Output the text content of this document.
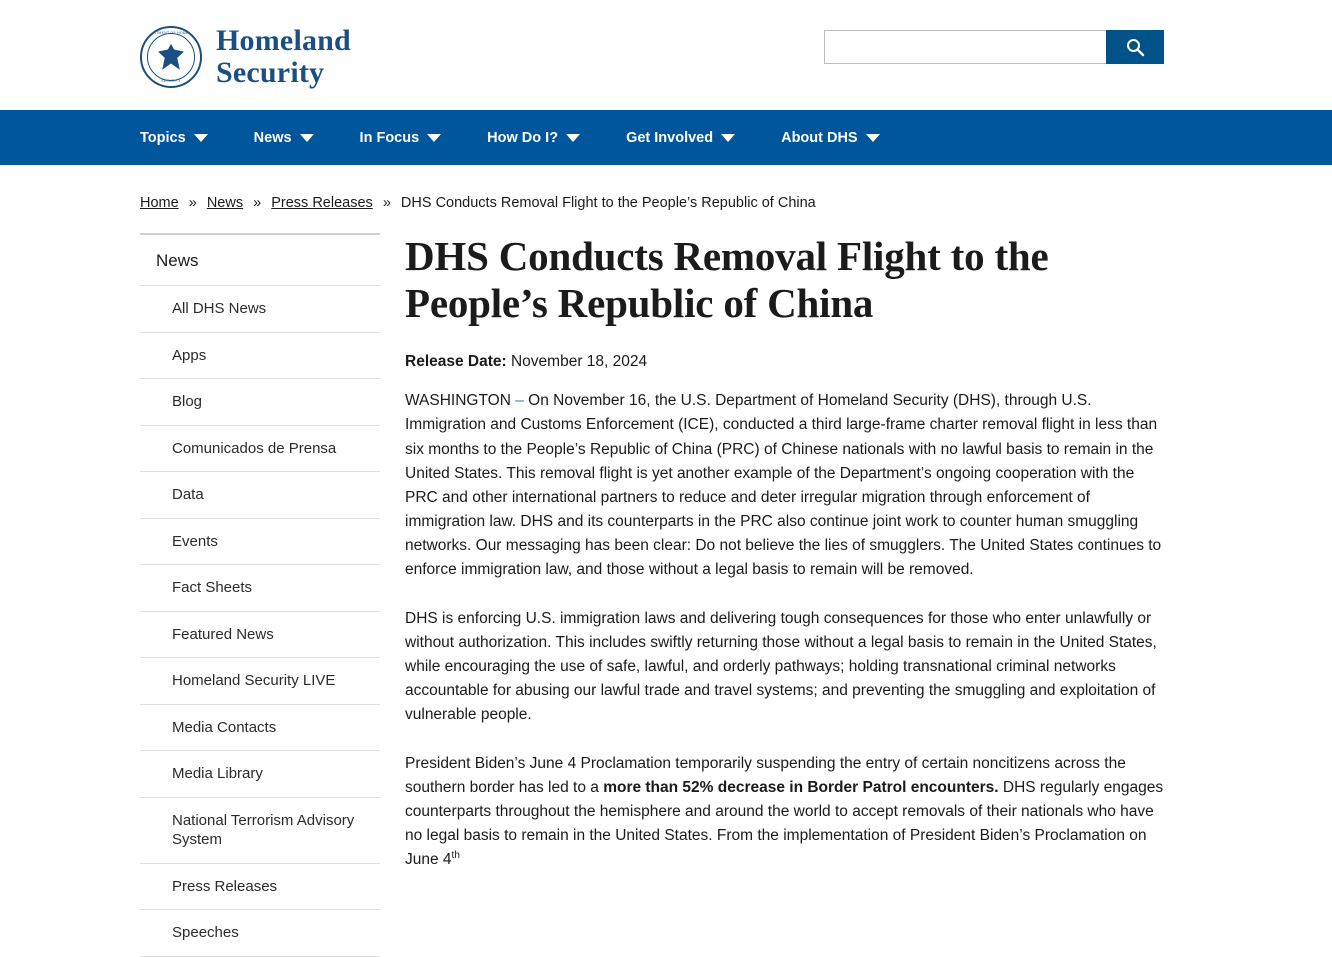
DEPARTMENT OF HOMELAND
SECURITY
Homeland
Security
Topics	News	In Focus	How Do I?	Get Involved	About DHS
Home » News » Press Releases » DHS Conducts Removal Flight to the People’s Republic of China
News
All DHS News
Apps
Blog
Comunicados de Prensa
Data
Events
Fact Sheets
Featured News
Homeland Security LIVE
Media Contacts
Media Library
National Terrorism Advisory System
Press Releases
Speeches
DHS Conducts Removal Flight to the People’s Republic of China

Release Date: November 18, 2024

WASHINGTON – On November 16, the U.S. Department of Homeland Security (DHS), through U.S. Immigration and Customs Enforcement (ICE), conducted a third large-frame charter removal flight in less than six months to the People’s Republic of China (PRC) of Chinese nationals with no lawful basis to remain in the United States. This removal flight is yet another example of the Department’s ongoing cooperation with the PRC and other international partners to reduce and deter irregular migration through enforcement of immigration law. DHS and its counterparts in the PRC also continue joint work to counter human smuggling networks. Our messaging has been clear: Do not believe the lies of smugglers. The United States continues to enforce immigration law, and those without a legal basis to remain will be removed.

DHS is enforcing U.S. immigration laws and delivering tough consequences for those who enter unlawfully or without authorization. This includes swiftly returning those without a legal basis to remain in the United States, while encouraging the use of safe, lawful, and orderly pathways; holding transnational criminal networks accountable for abusing our lawful trade and travel systems; and preventing the smuggling and exploitation of vulnerable people.

President Biden’s June 4 Proclamation temporarily suspending the entry of certain noncitizens across the southern border has led to a more than 52% decrease in Border Patrol encounters. DHS regularly engages counterparts throughout the hemisphere and around the world to accept removals of their nationals who have no legal basis to remain in the United States. From the implementation of President Biden’s Proclamation on June 4th
